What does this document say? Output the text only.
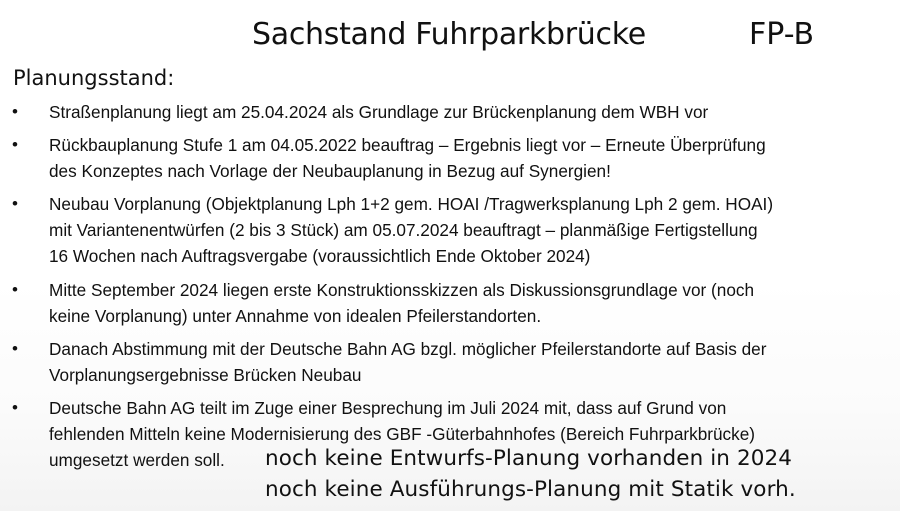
Sachstand Fuhrparkbrücke	FP-B
Planungsstand:
• Straßenplanung liegt am 25.04.2024 als Grundlage zur Brückenplanung dem WBH vor
• Rückbauplanung Stufe 1 am 04.05.2022 beauftrag – Ergebnis liegt vor – Erneute Überprüfung
des Konzeptes nach Vorlage der Neubauplanung in Bezug auf Synergien!
• Neubau Vorplanung (Objektplanung Lph 1+2 gem. HOAI /Tragwerksplanung Lph 2 gem. HOAI)
mit Variantenentwürfen (2 bis 3 Stück) am 05.07.2024 beauftragt – planmäßige Fertigstellung
16 Wochen nach Auftragsvergabe (voraussichtlich Ende Oktober 2024)
• Mitte September 2024 liegen erste Konstruktionsskizzen als Diskussionsgrundlage vor (noch
keine Vorplanung) unter Annahme von idealen Pfeilerstandorten.
• Danach Abstimmung mit der Deutsche Bahn AG bzgl. möglicher Pfeilerstandorte auf Basis der
Vorplanungsergebnisse Brücken Neubau
• Deutsche Bahn AG teilt im Zuge einer Besprechung im Juli 2024 mit, dass auf Grund von
fehlenden Mitteln keine Modernisierung des GBF -Güterbahnhofes (Bereich Fuhrparkbrücke)
umgesetzt werden soll.	noch keine Entwurfs-Planung vorhanden in 2024
noch keine Ausführungs-Planung mit Statik vorh.
